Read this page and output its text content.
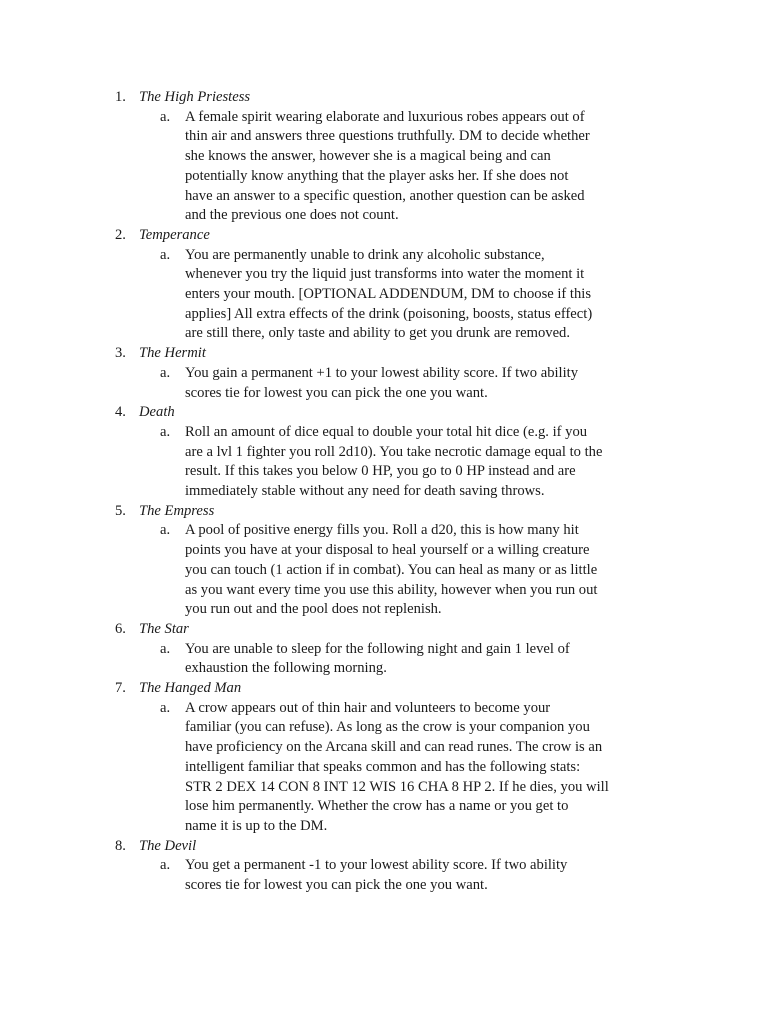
1. The High Priestess
a. A female spirit wearing elaborate and luxurious robes appears out of
thin air and answers three questions truthfully. DM to decide whether
she knows the answer, however she is a magical being and can
potentially know anything that the player asks her. If she does not
have an answer to a specific question, another question can be asked
and the previous one does not count.
2. Temperance
a. You are permanently unable to drink any alcoholic substance,
whenever you try the liquid just transforms into water the moment it
enters your mouth. [OPTIONAL ADDENDUM, DM to choose if this
applies] All extra effects of the drink (poisoning, boosts, status effect)
are still there, only taste and ability to get you drunk are removed.
3. The Hermit
a. You gain a permanent +1 to your lowest ability score. If two ability
scores tie for lowest you can pick the one you want.
4. Death
a. Roll an amount of dice equal to double your total hit dice (e.g. if you
are a lvl 1 fighter you roll 2d10). You take necrotic damage equal to the
result. If this takes you below 0 HP, you go to 0 HP instead and are
immediately stable without any need for death saving throws.
5. The Empress
a. A pool of positive energy fills you. Roll a d20, this is how many hit
points you have at your disposal to heal yourself or a willing creature
you can touch (1 action if in combat). You can heal as many or as little
as you want every time you use this ability, however when you run out
you run out and the pool does not replenish.
6. The Star
a. You are unable to sleep for the following night and gain 1 level of
exhaustion the following morning.
7. The Hanged Man
a. A crow appears out of thin hair and volunteers to become your
familiar (you can refuse). As long as the crow is your companion you
have proficiency on the Arcana skill and can read runes. The crow is an
intelligent familiar that speaks common and has the following stats:
STR 2 DEX 14 CON 8 INT 12 WIS 16 CHA 8 HP 2. If he dies, you will
lose him permanently. Whether the crow has a name or you get to
name it is up to the DM.
8. The Devil
a. You get a permanent -1 to your lowest ability score. If two ability
scores tie for lowest you can pick the one you want.
